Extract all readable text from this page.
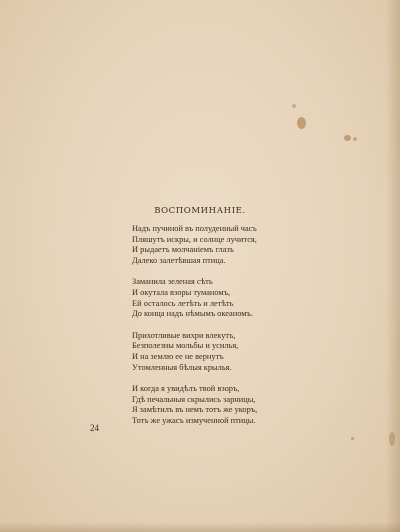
ВОСПОМИНАНІЕ.
Надъ пучиной въ полуденный часъ
Пляшутъ искры, и солнце лучится,
И рыдаетъ молчаніемъ глазъ
Далеко залетѣвшая птица.
Заманила зеленая сѣть
И окутала взоры туманомъ,
Ей осталось летѣть и летѣть
До конца надъ нѣмымъ океаномъ.
Прихотливые вихри влекутъ,
Безполезны мольбы и усилья,
И на землю ее не вернутъ
Утомленныя бѣлыя крылья.
И когда я увидѣлъ твой взоръ,
Гдѣ печальныя скрылись зарницы,
Я замѣтилъ въ немъ тотъ же укоръ,
Тотъ же ужасъ измученной птицы.
24
